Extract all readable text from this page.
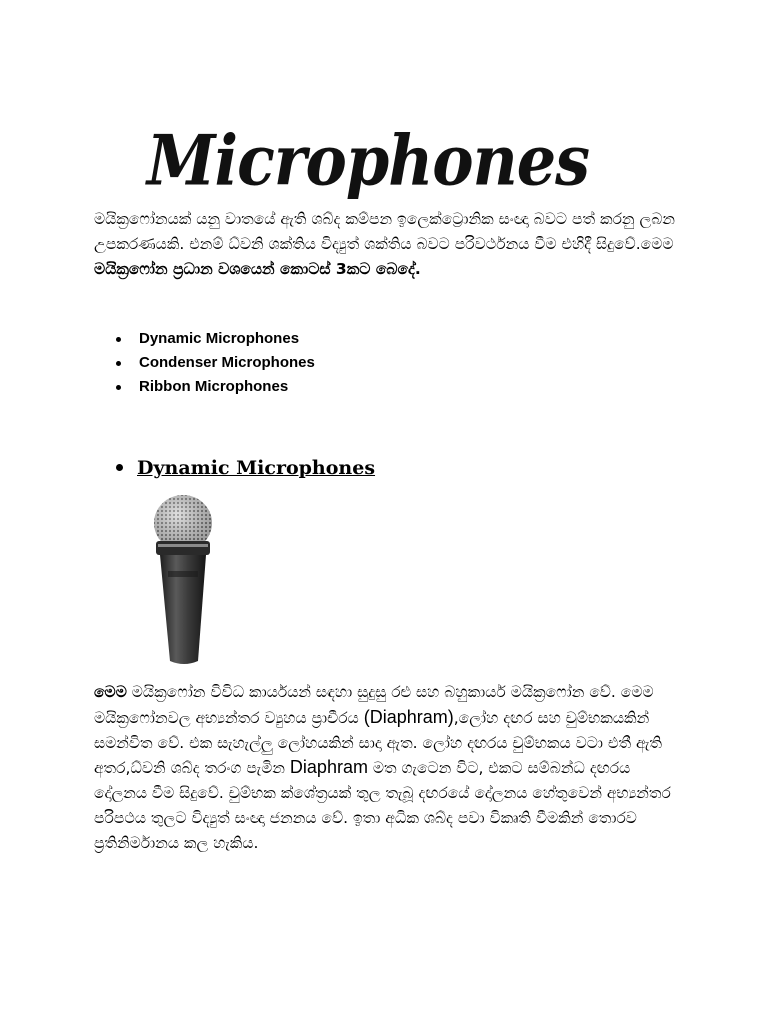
Microphones

මයික්‍රෆෝනයක් යනු වාතයේ ඇති ශබ්ද කම්පන ඉලෙක්ට්‍රොනික සංඥා බවට පත් කරනු ලබන උපකරණයකි. එනම් ධ්වනි ශක්තිය විද්‍යුත් ශක්තිය බවට පරිවර්ථනය වීම එහිදී සිදුවේ.මෙම
මයික්‍රෆෝන ප්‍රධාන වශයෙන් කොටස් 3කට බෙදේ.

Dynamic Microphones
Condenser Microphones
Ribbon Microphones
Dynamic Microphones

මෙම මයික්‍රෆෝන විවිධ කාර්යයන් සඳහා සුදුසු රළු සහ බහුකාර්ය මයික්‍රෆෝන වේ. මෙම මයික්‍රෆෝනවල අභ්‍යන්තර ව්‍යුහය ප්‍රාචීරය (Diaphram),ලෝහ දඟර සහ චුම්භකයකින් සමන්විත වේ. එක සැහැල්ලු ලෝහයකින් සාදා ඇත. ලෝහ දඟරය චුම්භකය වටා එතී ඇති අතර,ධ්වනි ශබ්ද තරංග පැමින Diaphram මත ගැටෙන විට, එකට සම්බන්ධ දඟරය දෝලනය වීම සිදුවේ. චුම්භක ක්ශේත්‍රයක් තුල තැබූ දඟරයේ දෝලනය හේතුවෙන් අභ්‍යන්තර පරිපථය තුලට විද්‍යුත් සංඥා ජනනය වේ. ඉතා අධික ශබ්ද පවා විකෘති වීමකින් තොරව ප්‍රතිනිර්මානය කල හැකිය.
